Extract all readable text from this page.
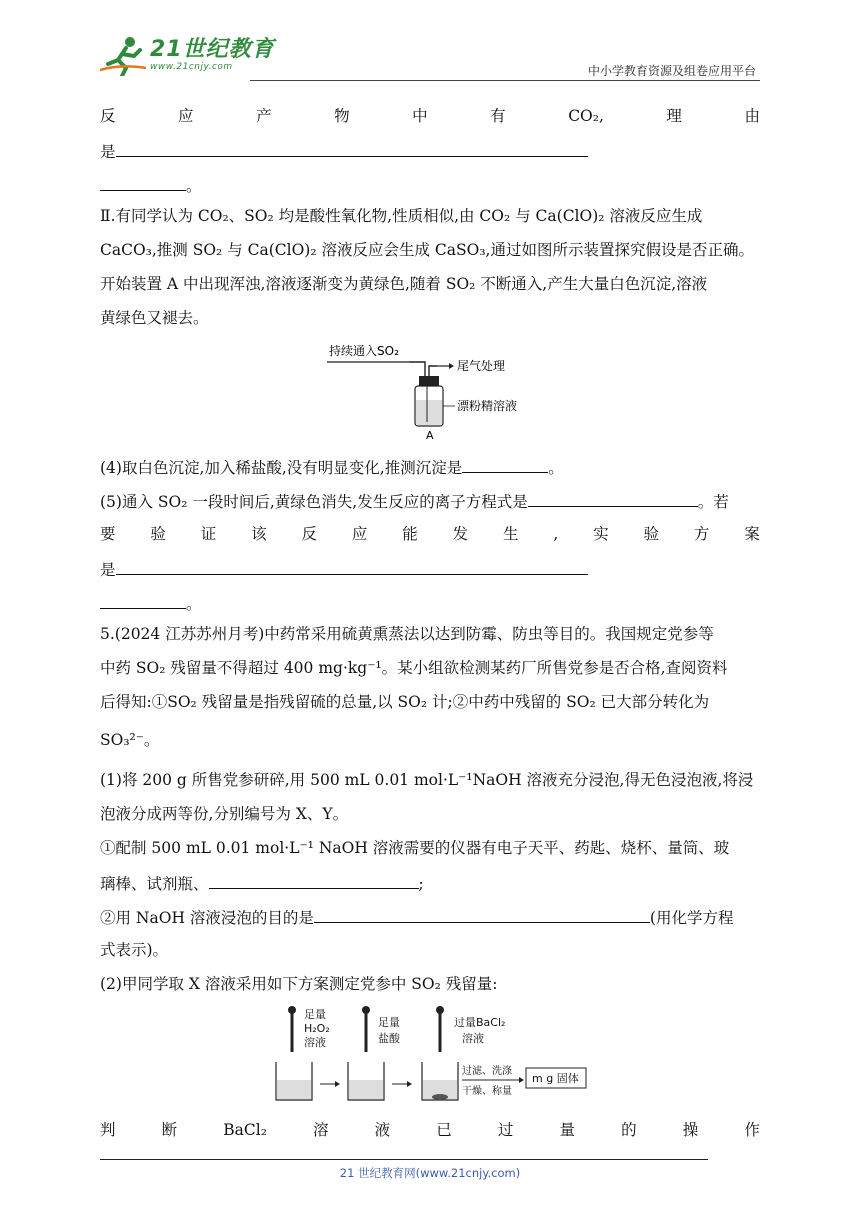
21世纪教育
www.21cnjy.com	中小学教育资源及组卷应用平台
反	应	产	物	中	有	CO₂,	理	由
是
。
Ⅱ.有同学认为 CO₂、SO₂ 均是酸性氧化物,性质相似,由 CO₂ 与 Ca(ClO)₂ 溶液反应生成
CaCO₃,推测 SO₂ 与 Ca(ClO)₂ 溶液反应会生成 CaSO₃,通过如图所示装置探究假设是否正确。
开始装置 A 中出现浑浊,溶液逐渐变为黄绿色,随着 SO₂ 不断通入,产生大量白色沉淀,溶液
黄绿色又褪去。
持续通入SO₂
尾气处理
漂粉精溶液
A
(4)取白色沉淀,加入稀盐酸,没有明显变化,推测沉淀是	。
(5)通入 SO₂ 一段时间后,黄绿色消失,发生反应的离子方程式是	。若
要 验 证 该 反 应 能 发 生 , 实 验 方 案
是
。
5.(2024 江苏苏州月考)中药常采用硫黄熏蒸法以达到防霉、防虫等目的。我国规定党参等
中药 SO₂ 残留量不得超过 400 mg·kg⁻¹。某小组欲检测某药厂所售党参是否合格,查阅资料
后得知:①SO₂ 残留量是指残留硫的总量,以 SO₂ 计;②中药中残留的 SO₂ 已大部分转化为
SO₃²⁻。
(1)将 200 g 所售党参研碎,用 500 mL 0.01 mol·L⁻¹NaOH 溶液充分浸泡,得无色浸泡液,将浸
泡液分成两等份,分别编号为 X、Y。
①配制 500 mL 0.01 mol·L⁻¹ NaOH 溶液需要的仪器有电子天平、药匙、烧杯、量筒、玻
璃棒、试剂瓶、	;
②用 NaOH 溶液浸泡的目的是	(用化学方程
式表示)。
(2)甲同学取 X 溶液采用如下方案测定党参中 SO₂ 残留量:
足量
H₂O₂
溶液
足量
盐酸
过量BaCl₂
溶液
过滤、洗涤
干燥、称量
m g 固体
判	断	BaCl₂	溶	液	已	过	量	的	操	作
21 世纪教育网(www.21cnjy.com)
